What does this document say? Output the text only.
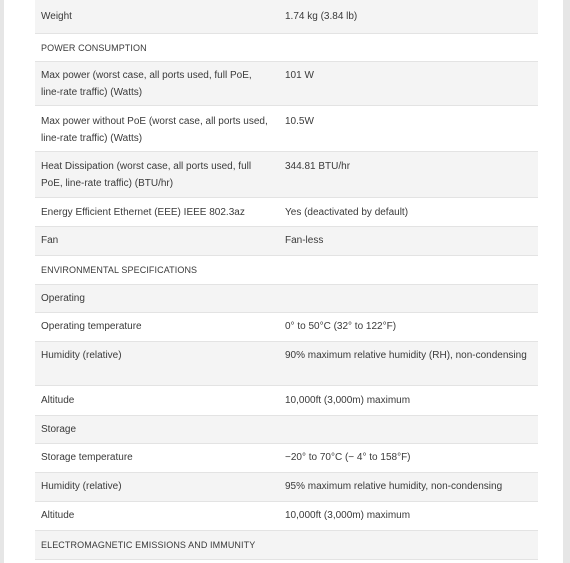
Weight	1.74 kg (3.84 lb)
POWER CONSUMPTION	
Max power (worst case, all ports used, full PoE, line-rate traffic) (Watts)	101 W
Max power without PoE (worst case, all ports used, line-rate traffic) (Watts)	10.5W
Heat Dissipation (worst case, all ports used, full PoE, line-rate traffic) (BTU/hr)	344.81 BTU/hr
Energy Efficient Ethernet (EEE) IEEE 802.3az	Yes (deactivated by default)
Fan	Fan-less
ENVIRONMENTAL SPECIFICATIONS	
Operating	
Operating temperature	0° to 50°C (32° to 122°F)
Humidity (relative)	90% maximum relative humidity (RH), non-condensing
Altitude	10,000ft (3,000m) maximum
Storage	
Storage temperature	−20° to 70°C (− 4° to 158°F)
Humidity (relative)	95% maximum relative humidity, non-condensing
Altitude	10,000ft (3,000m) maximum
ELECTROMAGNETIC EMISSIONS AND IMMUNITY	
